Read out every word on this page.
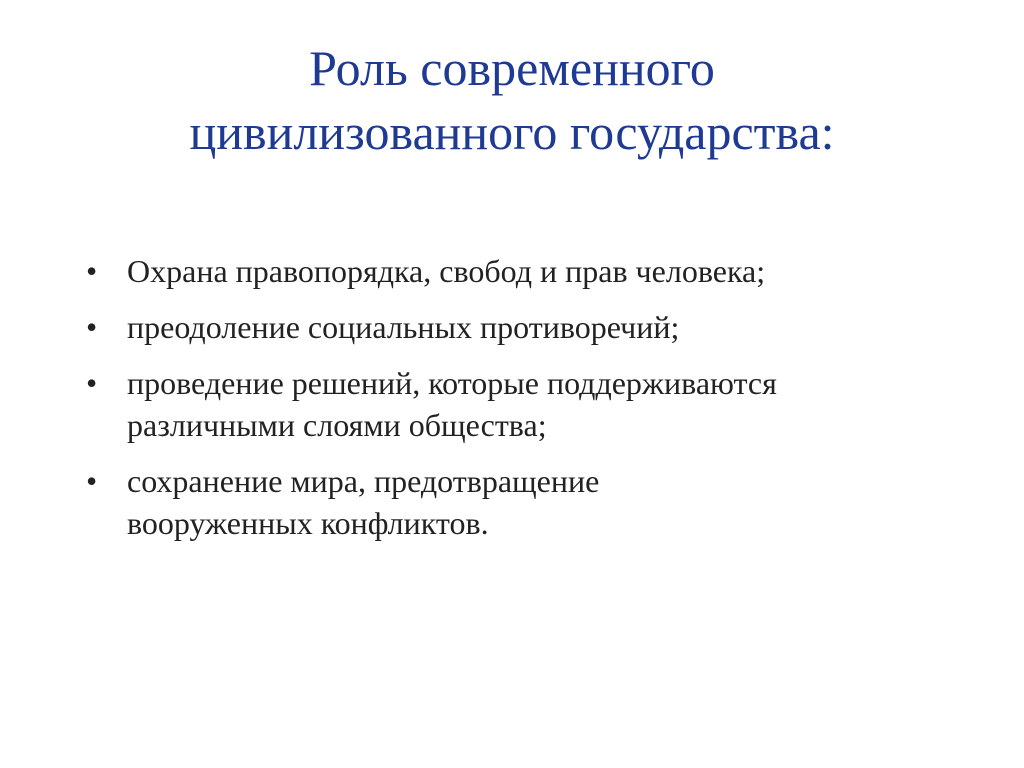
Роль современного
цивилизованного государства:
• Охрана правопорядка, свобод и прав человека;
• преодоление социальных противоречий;
• проведение решений, которые поддерживаются
различными слоями общества;
• сохранение мира, предотвращение
вооруженных конфликтов.
